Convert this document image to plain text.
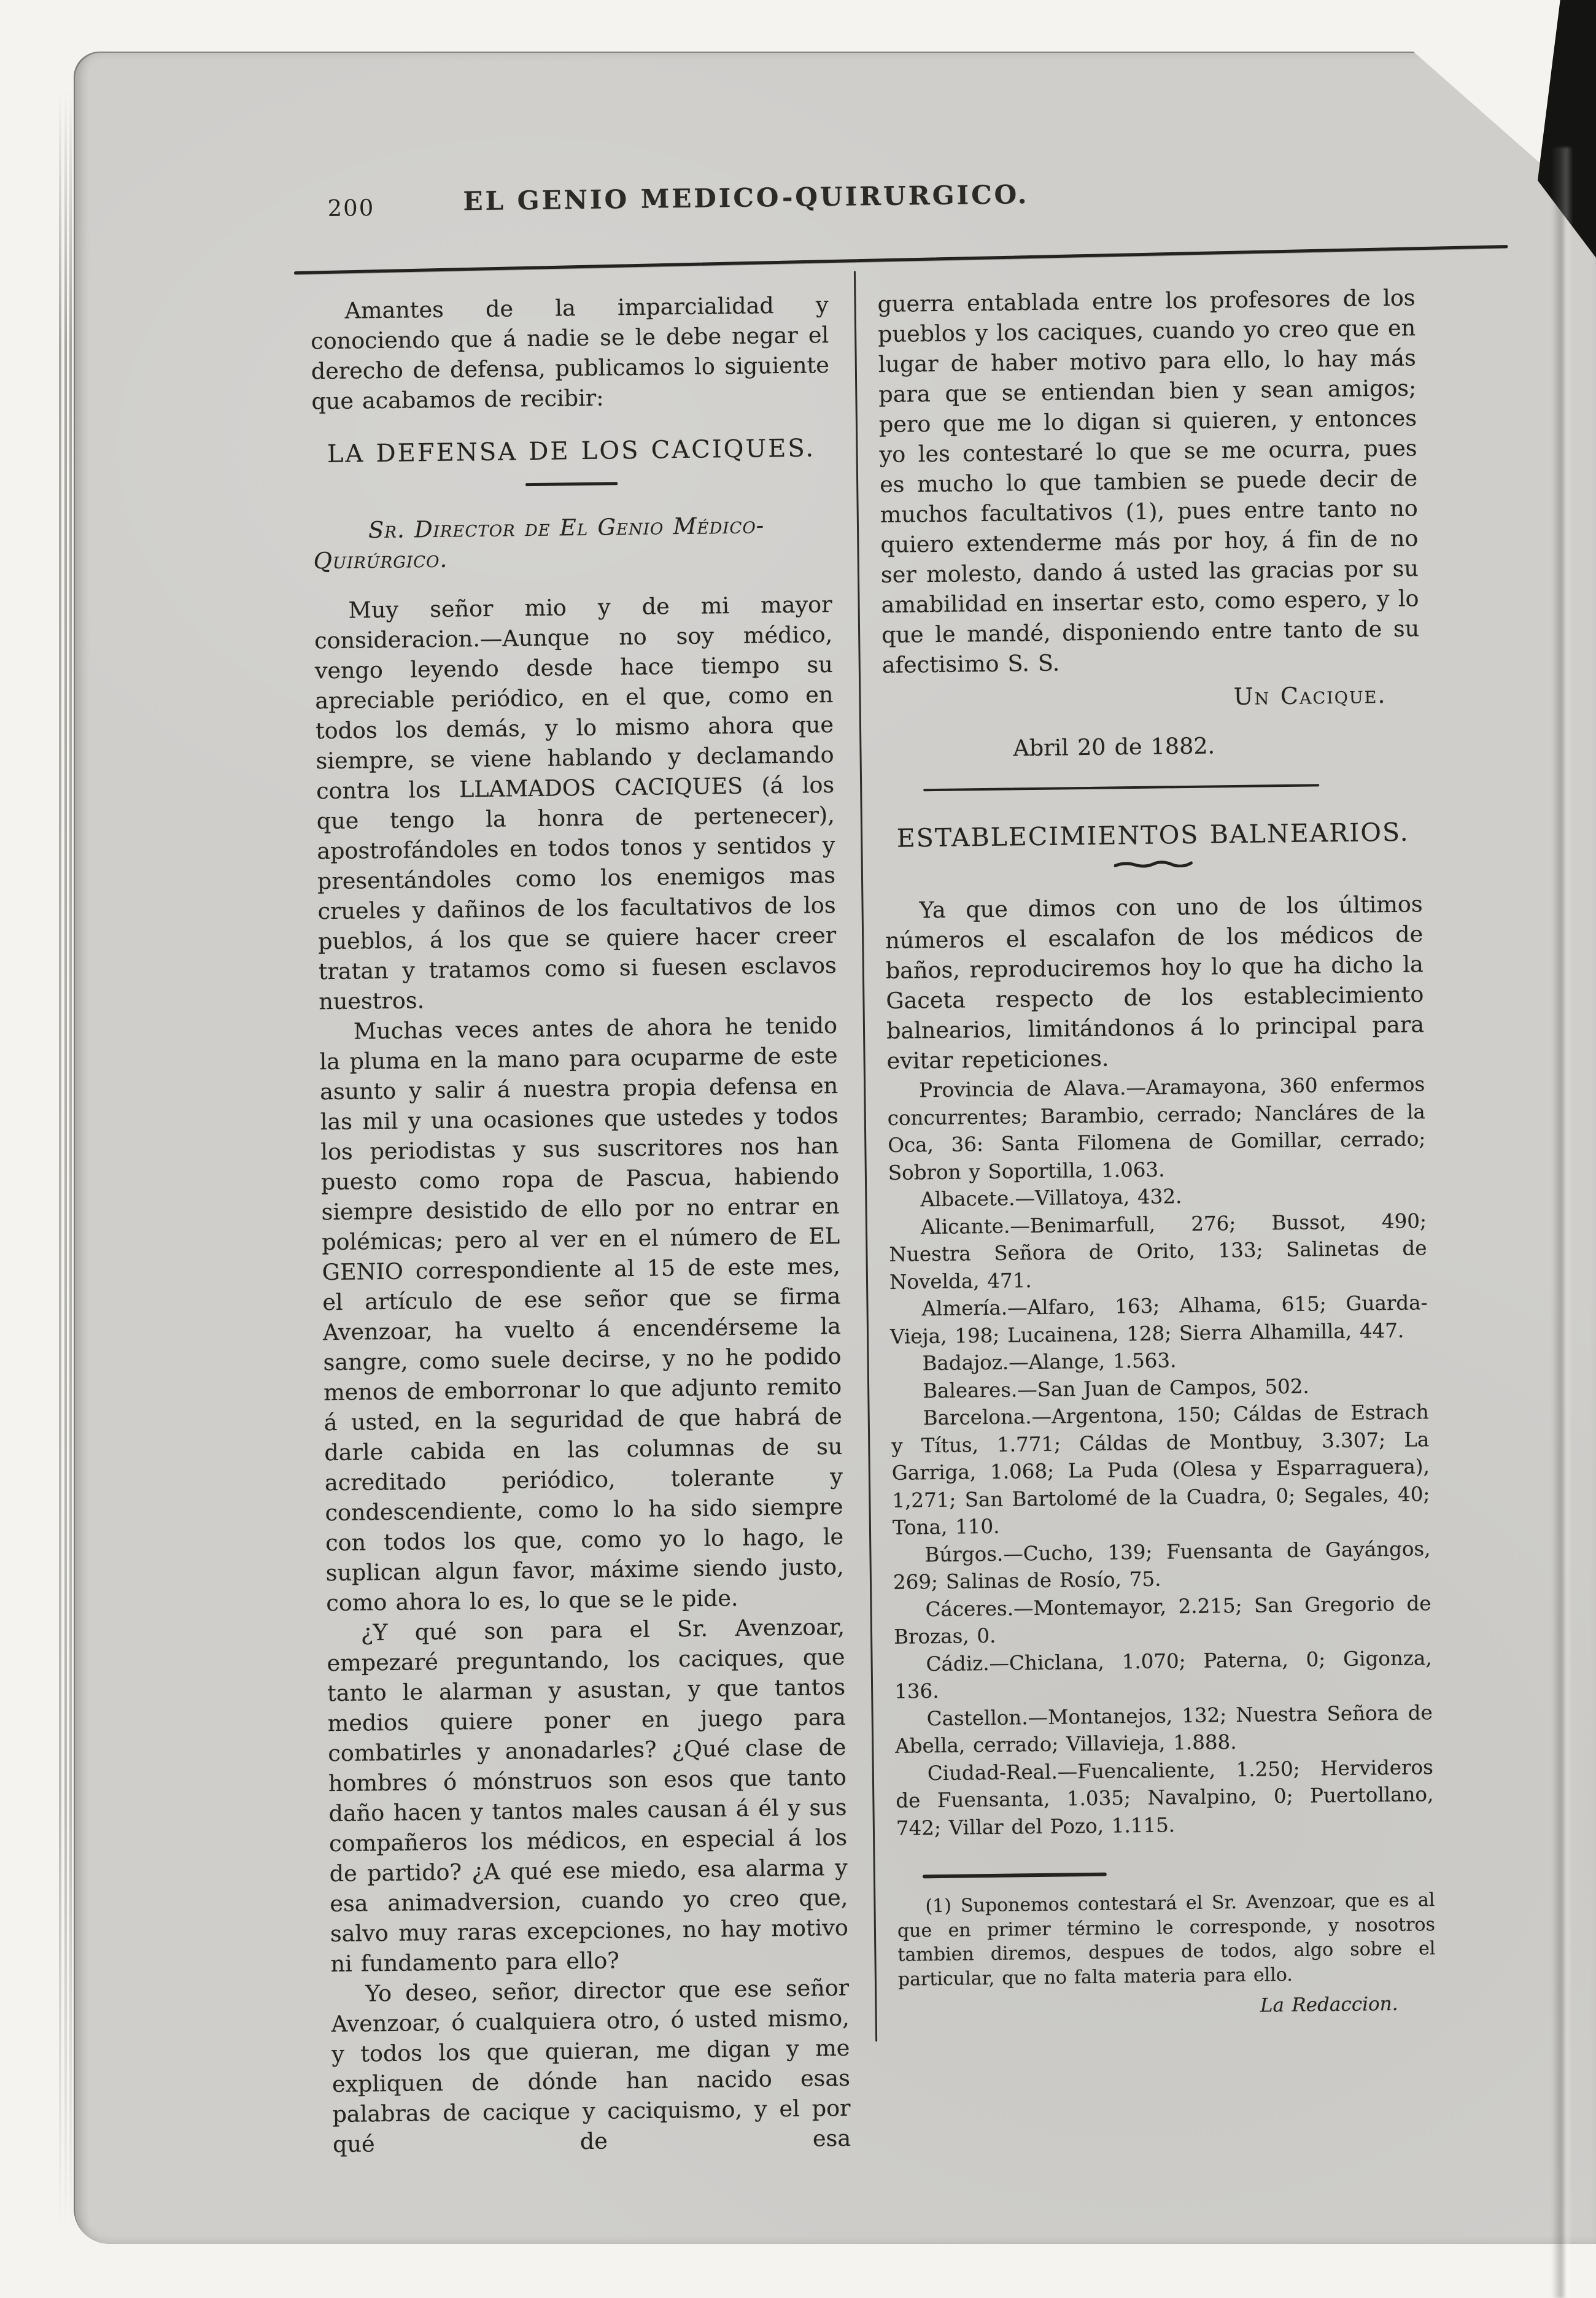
200	EL GENIO MEDICO-QUIRURGICO.

Amantes de la imparcialidad y conociendo que á nadie se le debe negar el derecho de defensa, publicamos lo siguiente que acabamos de recibir:

LA DEFENSA DE LOS CACIQUES.

Sr. Director de El Genio Médico-Quirúrgico.

Muy señor mio y de mi mayor consideracion.—Aunque no soy médico, vengo leyendo desde hace tiempo su apreciable periódico, en el que, como en todos los demás, y lo mismo ahora que siempre, se viene hablando y declamando contra los LLAMADOS CACIQUES (á los que tengo la honra de pertenecer), apostrofándoles en todos tonos y sentidos y presentándoles como los enemigos mas crueles y dañinos de los facultativos de los pueblos, á los que se quiere hacer creer tratan y tratamos como si fuesen esclavos nuestros.

Muchas veces antes de ahora he tenido la pluma en la mano para ocuparme de este asunto y salir á nuestra propia defensa en las mil y una ocasiones que ustedes y todos los periodistas y sus suscritores nos han puesto como ropa de Pascua, habiendo siempre desistido de ello por no entrar en polémicas; pero al ver en el número de EL GENIO correspondiente al 15 de este mes, el artículo de ese señor que se firma Avenzoar, ha vuelto á encendérseme la sangre, como suele decirse, y no he podido menos de emborronar lo que adjunto remito á usted, en la seguridad de que habrá de darle cabida en las columnas de su acreditado periódico, tolerante y condescendiente, como lo ha sido siempre con todos los que, como yo lo hago, le suplican algun favor, máxime siendo justo, como ahora lo es, lo que se le pide.

¿Y qué son para el Sr. Avenzoar, empezaré preguntando, los caciques, que tanto le alarman y asustan, y que tantos medios quiere poner en juego para combatirles y anonadarles? ¿Qué clase de hombres ó mónstruos son esos que tanto daño hacen y tantos males causan á él y sus compañeros los médicos, en especial á los de partido? ¿A qué ese miedo, esa alarma y esa animadversion, cuando yo creo que, salvo muy raras excepciones, no hay motivo ni fundamento para ello?

Yo deseo, señor, director que ese señor Avenzoar, ó cualquiera otro, ó usted mismo, y todos los que quieran, me digan y me expliquen de dónde han nacido esas palabras de cacique y caciquismo, y el por qué de esa

guerra entablada entre los profesores de los pueblos y los caciques, cuando yo creo que en lugar de haber motivo para ello, lo hay más para que se entiendan bien y sean amigos; pero que me lo digan si quieren, y entonces yo les contestaré lo que se me ocurra, pues es mucho lo que tambien se puede decir de muchos facultativos (1), pues entre tanto no quiero extenderme más por hoy, á fin de no ser molesto, dando á usted las gracias por su amabilidad en insertar esto, como espero, y lo que le mandé, disponiendo entre tanto de su afectisimo S. S.

Un Cacique.

Abril 20 de 1882.

ESTABLECIMIENTOS BALNEARIOS.

Ya que dimos con uno de los últimos números el escalafon de los médicos de baños, reproduciremos hoy lo que ha dicho la Gaceta respecto de los establecimiento balnearios, limitándonos á lo principal para evitar repeticiones.

Provincia de Alava.—Aramayona, 360 enfermos concurrentes; Barambio, cerrado; Nancláres de la Oca, 36: Santa Filomena de Gomillar, cerrado; Sobron y Soportilla, 1.063.

Albacete.—Villatoya, 432.

Alicante.—Benimarfull, 276; Bussot, 490; Nuestra Señora de Orito, 133; Salinetas de Novelda, 471.

Almería.—Alfaro, 163; Alhama, 615; Guarda-Vieja, 198; Lucainena, 128; Sierra Alhamilla, 447.

Badajoz.—Alange, 1.563.

Baleares.—San Juan de Campos, 502.

Barcelona.—Argentona, 150; Cáldas de Estrach y Títus, 1.771; Cáldas de Montbuy, 3.307; La Garriga, 1.068; La Puda (Olesa y Esparraguera), 1,271; San Bartolomé de la Cuadra, 0; Segales, 40; Tona, 110.

Búrgos.—Cucho, 139; Fuensanta de Gayángos, 269; Salinas de Rosío, 75.

Cáceres.—Montemayor, 2.215; San Gregorio de Brozas, 0.

Cádiz.—Chiclana, 1.070; Paterna, 0; Gigonza, 136.

Castellon.—Montanejos, 132; Nuestra Señora de Abella, cerrado; Villavieja, 1.888.

Ciudad-Real.—Fuencaliente, 1.250; Hervideros de Fuensanta, 1.035; Navalpino, 0; Puertollano, 742; Villar del Pozo, 1.115.

(1) Suponemos contestará el Sr. Avenzoar, que es al que en primer término le corresponde, y nosotros tambien diremos, despues de todos, algo sobre el particular, que no falta materia para ello.

La Redaccion.
